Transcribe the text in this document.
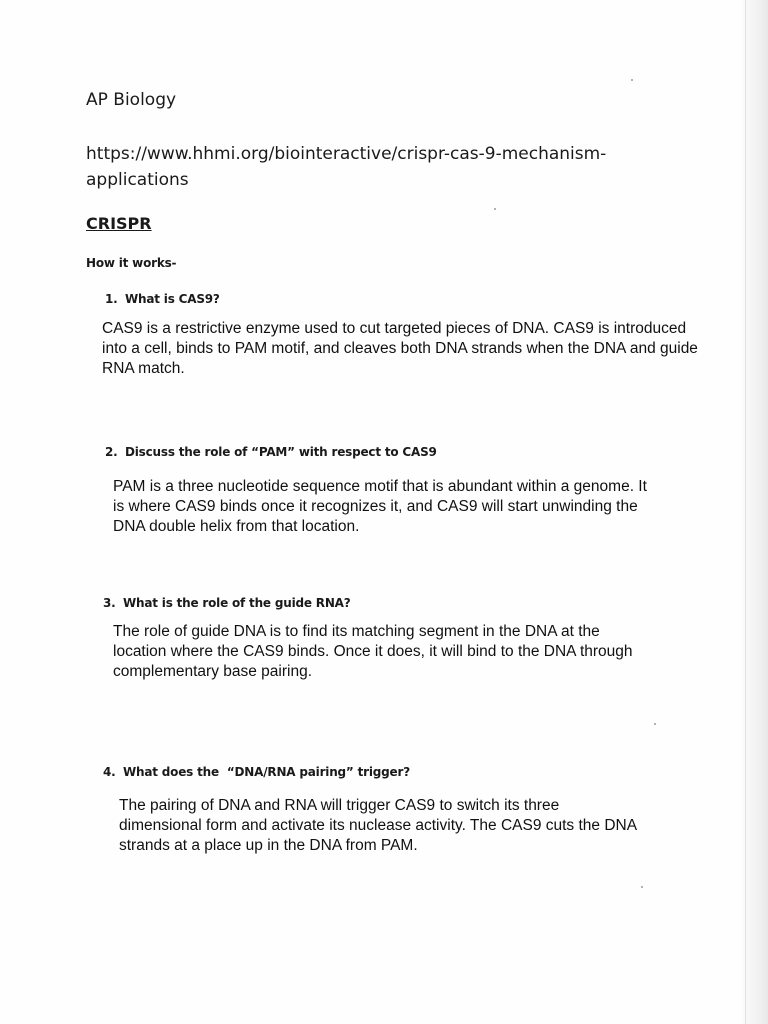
AP Biology
https://www.hhmi.org/biointeractive/crispr-cas-9-mechanism-applications
CRISPR
How it works-
1. What is CAS9?
CAS9 is a restrictive enzyme used to cut targeted pieces of DNA. CAS9 is introduced into a cell, binds to PAM motif, and cleaves both DNA strands when the DNA and guide RNA match.
2. Discuss the role of “PAM” with respect to CAS9
PAM is a three nucleotide sequence motif that is abundant within a genome. It is where CAS9 binds once it recognizes it, and CAS9 will start unwinding the DNA double helix from that location.
3. What is the role of the guide RNA?
The role of guide DNA is to find its matching segment in the DNA at the location where the CAS9 binds. Once it does, it will bind to the DNA through complementary base pairing.
4. What does the  “DNA/RNA pairing” trigger?
The pairing of DNA and RNA will trigger CAS9 to switch its three dimensional form and activate its nuclease activity. The CAS9 cuts the DNA strands at a place up in the DNA from PAM.
